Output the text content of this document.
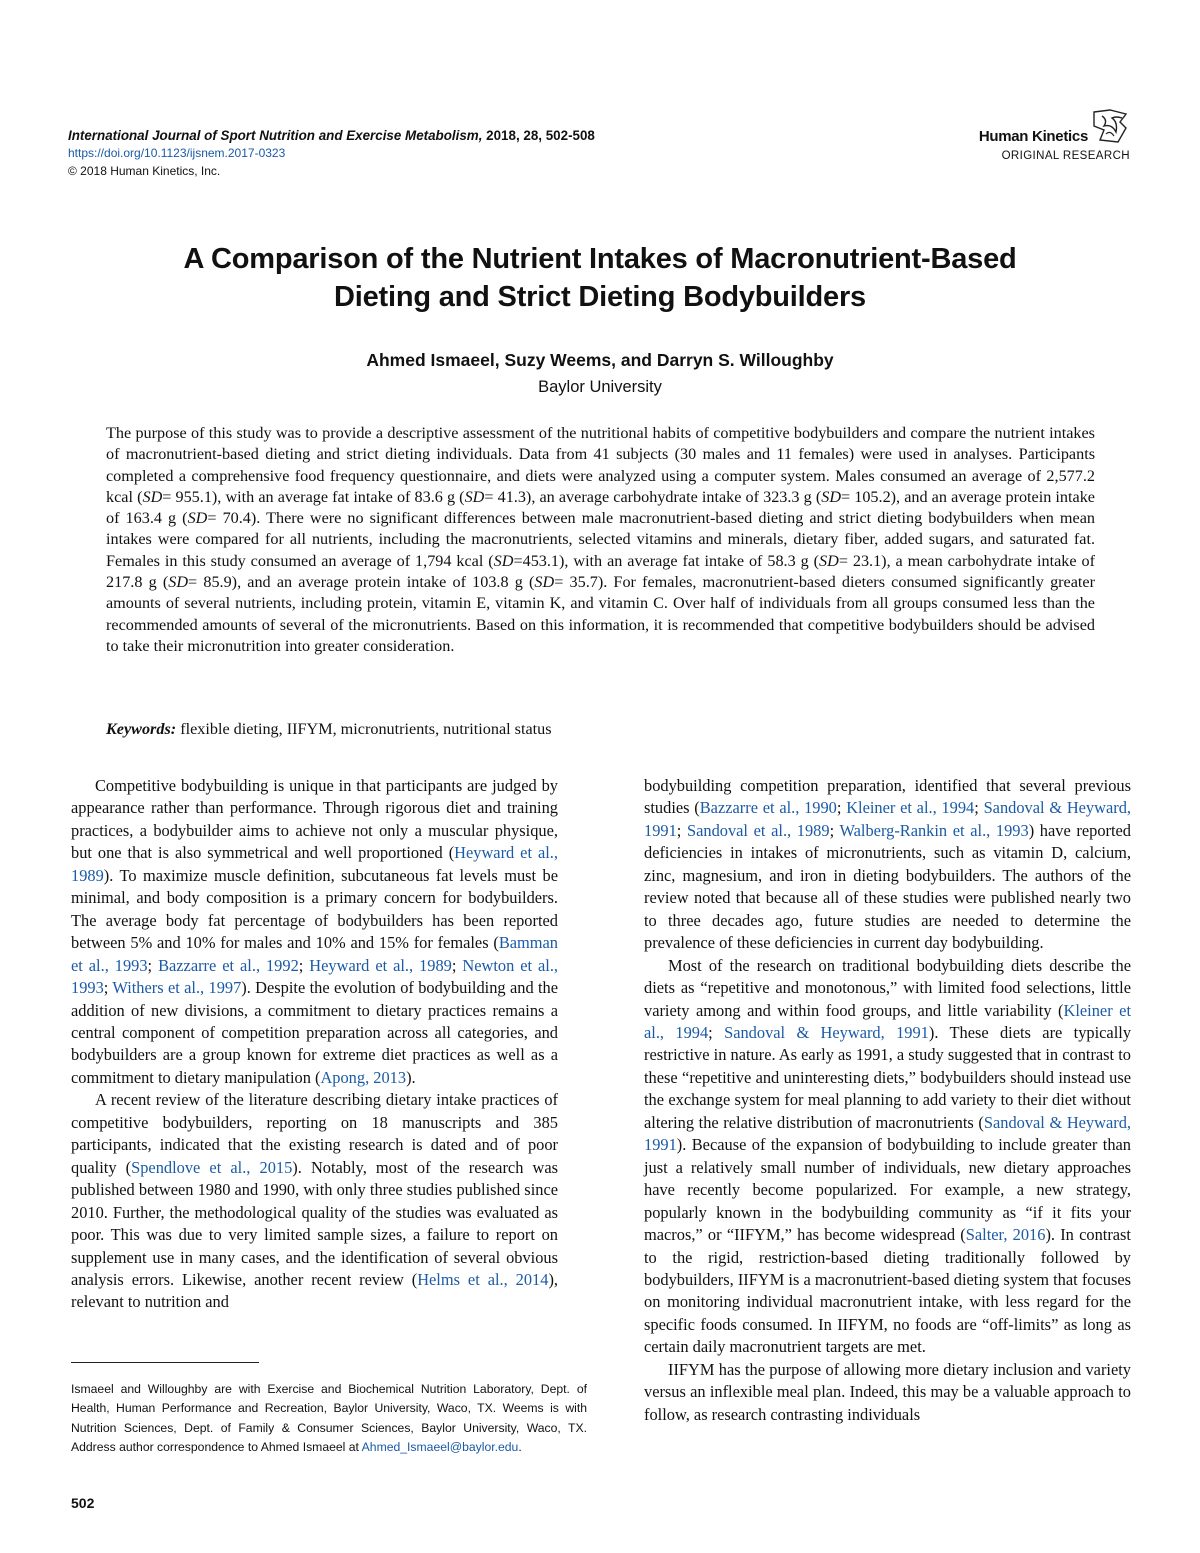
International Journal of Sport Nutrition and Exercise Metabolism, 2018, 28, 502-508
https://doi.org/10.1123/ijsnem.2017-0323
© 2018 Human Kinetics, Inc.
Human Kinetics
ORIGINAL RESEARCH
A Comparison of the Nutrient Intakes of Macronutrient-Based
Dieting and Strict Dieting Bodybuilders
Ahmed Ismaeel, Suzy Weems, and Darryn S. Willoughby
Baylor University

The purpose of this study was to provide a descriptive assessment of the nutritional habits of competitive bodybuilders and compare the nutrient intakes of macronutrient-based dieting and strict dieting individuals. Data from 41 subjects (30 males and 11 females) were used in analyses. Participants completed a comprehensive food frequency questionnaire, and diets were analyzed using a computer system. Males consumed an average of 2,577.2 kcal (SD= 955.1), with an average fat intake of 83.6 g (SD= 41.3), an average carbohydrate intake of 323.3 g (SD= 105.2), and an average protein intake of 163.4 g (SD= 70.4). There were no significant differences between male macronutrient-based dieting and strict dieting bodybuilders when mean intakes were compared for all nutrients, including the macronutrients, selected vitamins and minerals, dietary fiber, added sugars, and saturated fat. Females in this study consumed an average of 1,794 kcal (SD=453.1), with an average fat intake of 58.3 g (SD= 23.1), a mean carbohydrate intake of 217.8 g (SD= 85.9), and an average protein intake of 103.8 g (SD= 35.7). For females, macronutrient-based dieters consumed significantly greater amounts of several nutrients, including protein, vitamin E, vitamin K, and vitamin C. Over half of individuals from all groups consumed less than the recommended amounts of several of the micronutrients. Based on this information, it is recommended that competitive bodybuilders should be advised to take their micronutrition into greater consideration.

Keywords: flexible dieting, IIFYM, micronutrients, nutritional status

Competitive bodybuilding is unique in that participants are judged by appearance rather than performance. Through rigorous diet and training practices, a bodybuilder aims to achieve not only a muscular physique, but one that is also symmetrical and well proportioned (Heyward et al., 1989). To maximize muscle definition, subcutaneous fat levels must be minimal, and body composition is a primary concern for bodybuilders. The average body fat percentage of bodybuilders has been reported between 5% and 10% for males and 10% and 15% for females (Bamman et al., 1993; Bazzarre et al., 1992; Heyward et al., 1989; Newton et al., 1993; Withers et al., 1997). Despite the evolution of bodybuilding and the addition of new divisions, a commitment to dietary practices remains a central component of competition preparation across all categories, and bodybuilders are a group known for extreme diet practices as well as a commitment to dietary manipulation (Apong, 2013).

A recent review of the literature describing dietary intake practices of competitive bodybuilders, reporting on 18 manuscripts and 385 participants, indicated that the existing research is dated and of poor quality (Spendlove et al., 2015). Notably, most of the research was published between 1980 and 1990, with only three studies published since 2010. Further, the methodological quality of the studies was evaluated as poor. This was due to very limited sample sizes, a failure to report on supplement use in many cases, and the identification of several obvious analysis errors. Likewise, another recent review (Helms et al., 2014), relevant to nutrition and

bodybuilding competition preparation, identified that several previous studies (Bazzarre et al., 1990; Kleiner et al., 1994; Sandoval & Heyward, 1991; Sandoval et al., 1989; Walberg-Rankin et al., 1993) have reported deficiencies in intakes of micronutrients, such as vitamin D, calcium, zinc, magnesium, and iron in dieting bodybuilders. The authors of the review noted that because all of these studies were published nearly two to three decades ago, future studies are needed to determine the prevalence of these deficiencies in current day bodybuilding.

Most of the research on traditional bodybuilding diets describe the diets as “repetitive and monotonous,” with limited food selections, little variety among and within food groups, and little variability (Kleiner et al., 1994; Sandoval & Heyward, 1991). These diets are typically restrictive in nature. As early as 1991, a study suggested that in contrast to these “repetitive and uninteresting diets,” bodybuilders should instead use the exchange system for meal planning to add variety to their diet without altering the relative distribution of macronutrients (Sandoval & Heyward, 1991). Because of the expansion of bodybuilding to include greater than just a relatively small number of individuals, new dietary approaches have recently become popularized. For example, a new strategy, popularly known in the bodybuilding community as “if it fits your macros,” or “IIFYM,” has become widespread (Salter, 2016). In contrast to the rigid, restriction-based dieting traditionally followed by bodybuilders, IIFYM is a macronutrient-based dieting system that focuses on monitoring individual macronutrient intake, with less regard for the specific foods consumed. In IIFYM, no foods are “off-limits” as long as certain daily macronutrient targets are met.

IIFYM has the purpose of allowing more dietary inclusion and variety versus an inflexible meal plan. Indeed, this may be a valuable approach to follow, as research contrasting individuals

Ismaeel and Willoughby are with Exercise and Biochemical Nutrition Laboratory, Dept. of Health, Human Performance and Recreation, Baylor University, Waco, TX. Weems is with Nutrition Sciences, Dept. of Family & Consumer Sciences, Baylor University, Waco, TX. Address author correspondence to Ahmed Ismaeel at Ahmed_Ismaeel@baylor.edu.

502
